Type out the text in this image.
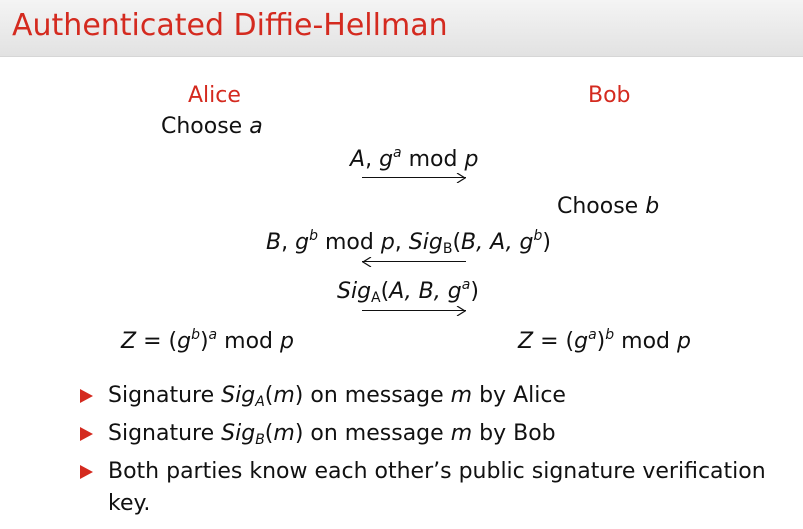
Authenticated Diffie-Hellman
Alice	Bob
Choose a
A, $g^a$ mod p
Choose b
B, $g^b$ mod p, Sig$_B$(B, A, $g^b$)
Sig$_A$(A, B, $g^a$)
$Z = (g^b)^a$ mod p	$Z = (g^a)^b$ mod p
Signature Sig$_A$(m) on message m by Alice
Signature Sig$_B$(m) on message m by Bob
Both parties know each other’s public signature verification key.
